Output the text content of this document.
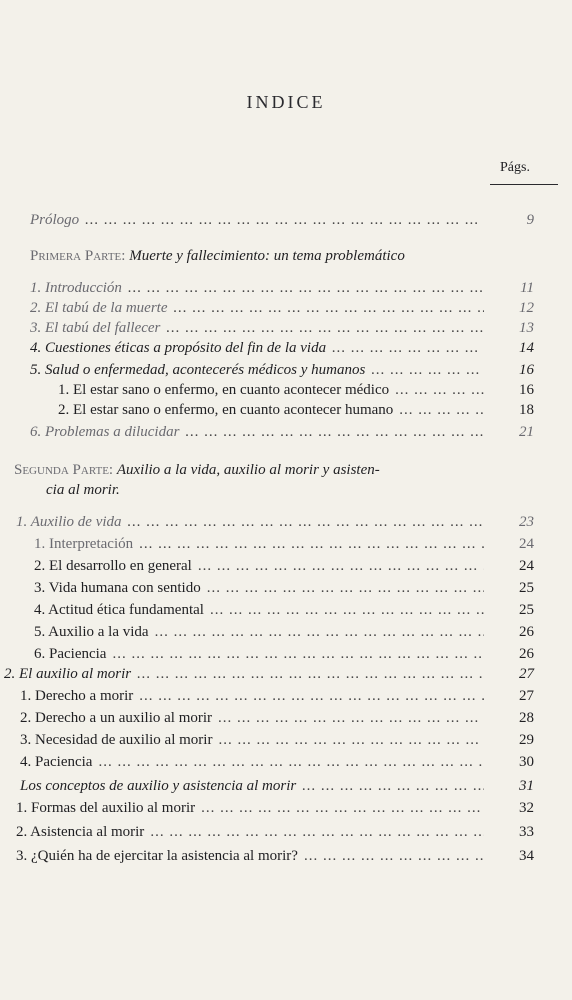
INDICE
Págs.
Prólogo ... .	9
Primera Parte: Muerte y fallecimiento: un tema problemático
1. Introducción ... .	11
2. El tabú de la muerte ... .	12
3. El tabú del fallecer ... .	13
4. Cuestiones éticas a propósito del fin de la vida ... .	14
5. Salud o enfermedad, acontecerés médicos y humanos ... .	16
1. El estar sano o enfermo, en cuanto acontecer médico ... .	16
2. El estar sano o enfermo, en cuanto acontecer humano ... .	18
6. Problemas a dilucidar ... .	21
Segunda Parte: Auxilio a la vida, auxilio al morir y asisten-
cia al morir.
1. Auxilio de vida ... .	23
1. Interpretación ... .	24
2. El desarrollo en general ... .	24
3. Vida humana con sentido ... .	25
4. Actitud ética fundamental ... .	25
5. Auxilio a la vida ... .	26
6. Paciencia ... .	26
2. El auxilio al morir ... .	27
1. Derecho a morir ... .	27
2. Derecho a un auxilio al morir ... .	28
3. Necesidad de auxilio al morir ... .	29
4. Paciencia ... .	30
Los conceptos de auxilio y asistencia al morir ... .	31
1. Formas del auxilio al morir ... .	32
2. Asistencia al morir ... .	33
3. ¿Quién ha de ejercitar la asistencia al morir? ... .	34
